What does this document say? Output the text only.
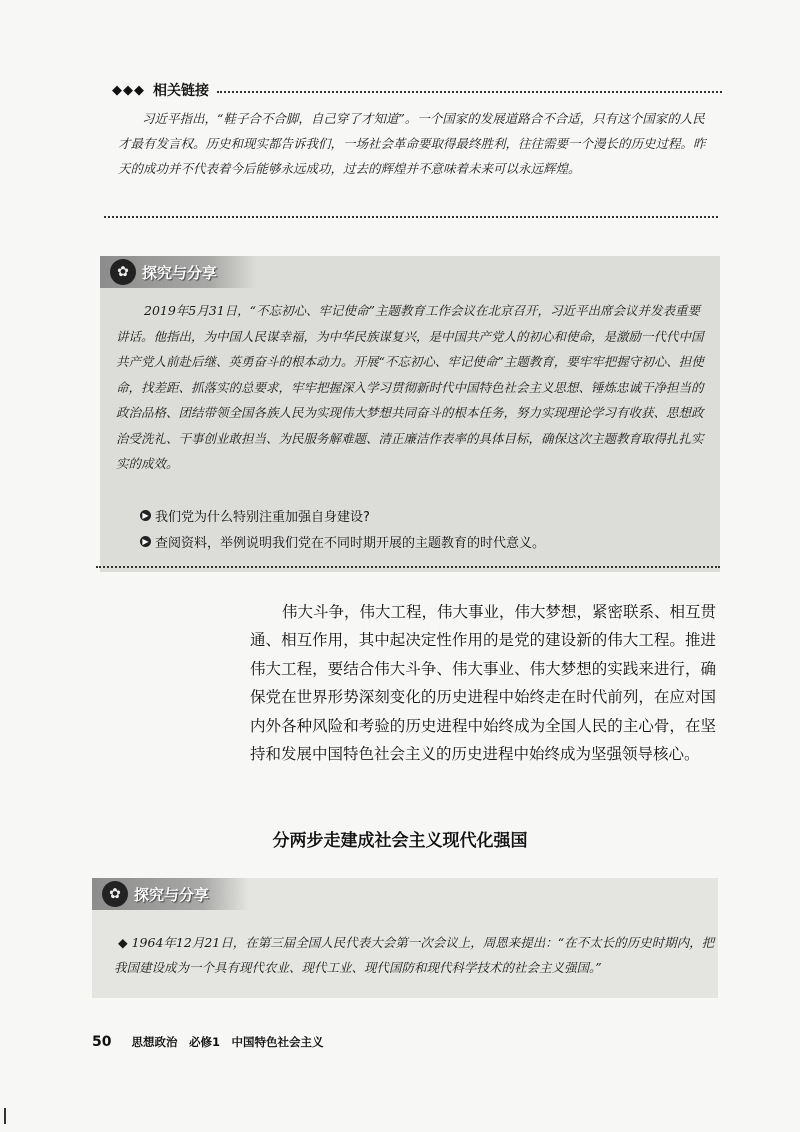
◆◆◆ 相关链接
习近平指出，“鞋子合不合脚，自己穿了才知道”。一个国家的发展道路合不合适，只有这个国家的人民才最有发言权。历史和现实都告诉我们，一场社会革命要取得最终胜利，往往需要一个漫长的历史过程。昨天的成功并不代表着今后能够永远成功，过去的辉煌并不意味着未来可以永远辉煌。
✿ 探究与分享
2019年5月31日，“不忘初心、牢记使命”主题教育工作会议在北京召开，习近平出席会议并发表重要讲话。他指出，为中国人民谋幸福，为中华民族谋复兴，是中国共产党人的初心和使命，是激励一代代中国共产党人前赴后继、英勇奋斗的根本动力。开展“不忘初心、牢记使命”主题教育，要牢牢把握守初心、担使命，找差距、抓落实的总要求，牢牢把握深入学习贯彻新时代中国特色社会主义思想、锤炼忠诚干净担当的政治品格、团结带领全国各族人民为实现伟大梦想共同奋斗的根本任务，努力实现理论学习有收获、思想政治受洗礼、干事创业敢担当、为民服务解难题、清正廉洁作表率的具体目标，确保这次主题教育取得扎扎实实的成效。
▶ 我们党为什么特别注重加强自身建设?
▶ 查阅资料，举例说明我们党在不同时期开展的主题教育的时代意义。
伟大斗争，伟大工程，伟大事业，伟大梦想，紧密联系、相互贯通、相互作用，其中起决定性作用的是党的建设新的伟大工程。推进伟大工程，要结合伟大斗争、伟大事业、伟大梦想的实践来进行，确保党在世界形势深刻变化的历史进程中始终走在时代前列，在应对国内外各种风险和考验的历史进程中始终成为全国人民的主心骨，在坚持和发展中国特色社会主义的历史进程中始终成为坚强领导核心。
分两步走建成社会主义现代化强国
✿ 探究与分享
◆ 1964年12月21日，在第三届全国人民代表大会第一次会议上，周恩来提出：“在不太长的历史时期内，把我国建设成为一个具有现代农业、现代工业、现代国防和现代科学技术的社会主义强国。”
50 思想政治　必修1　中国特色社会主义
